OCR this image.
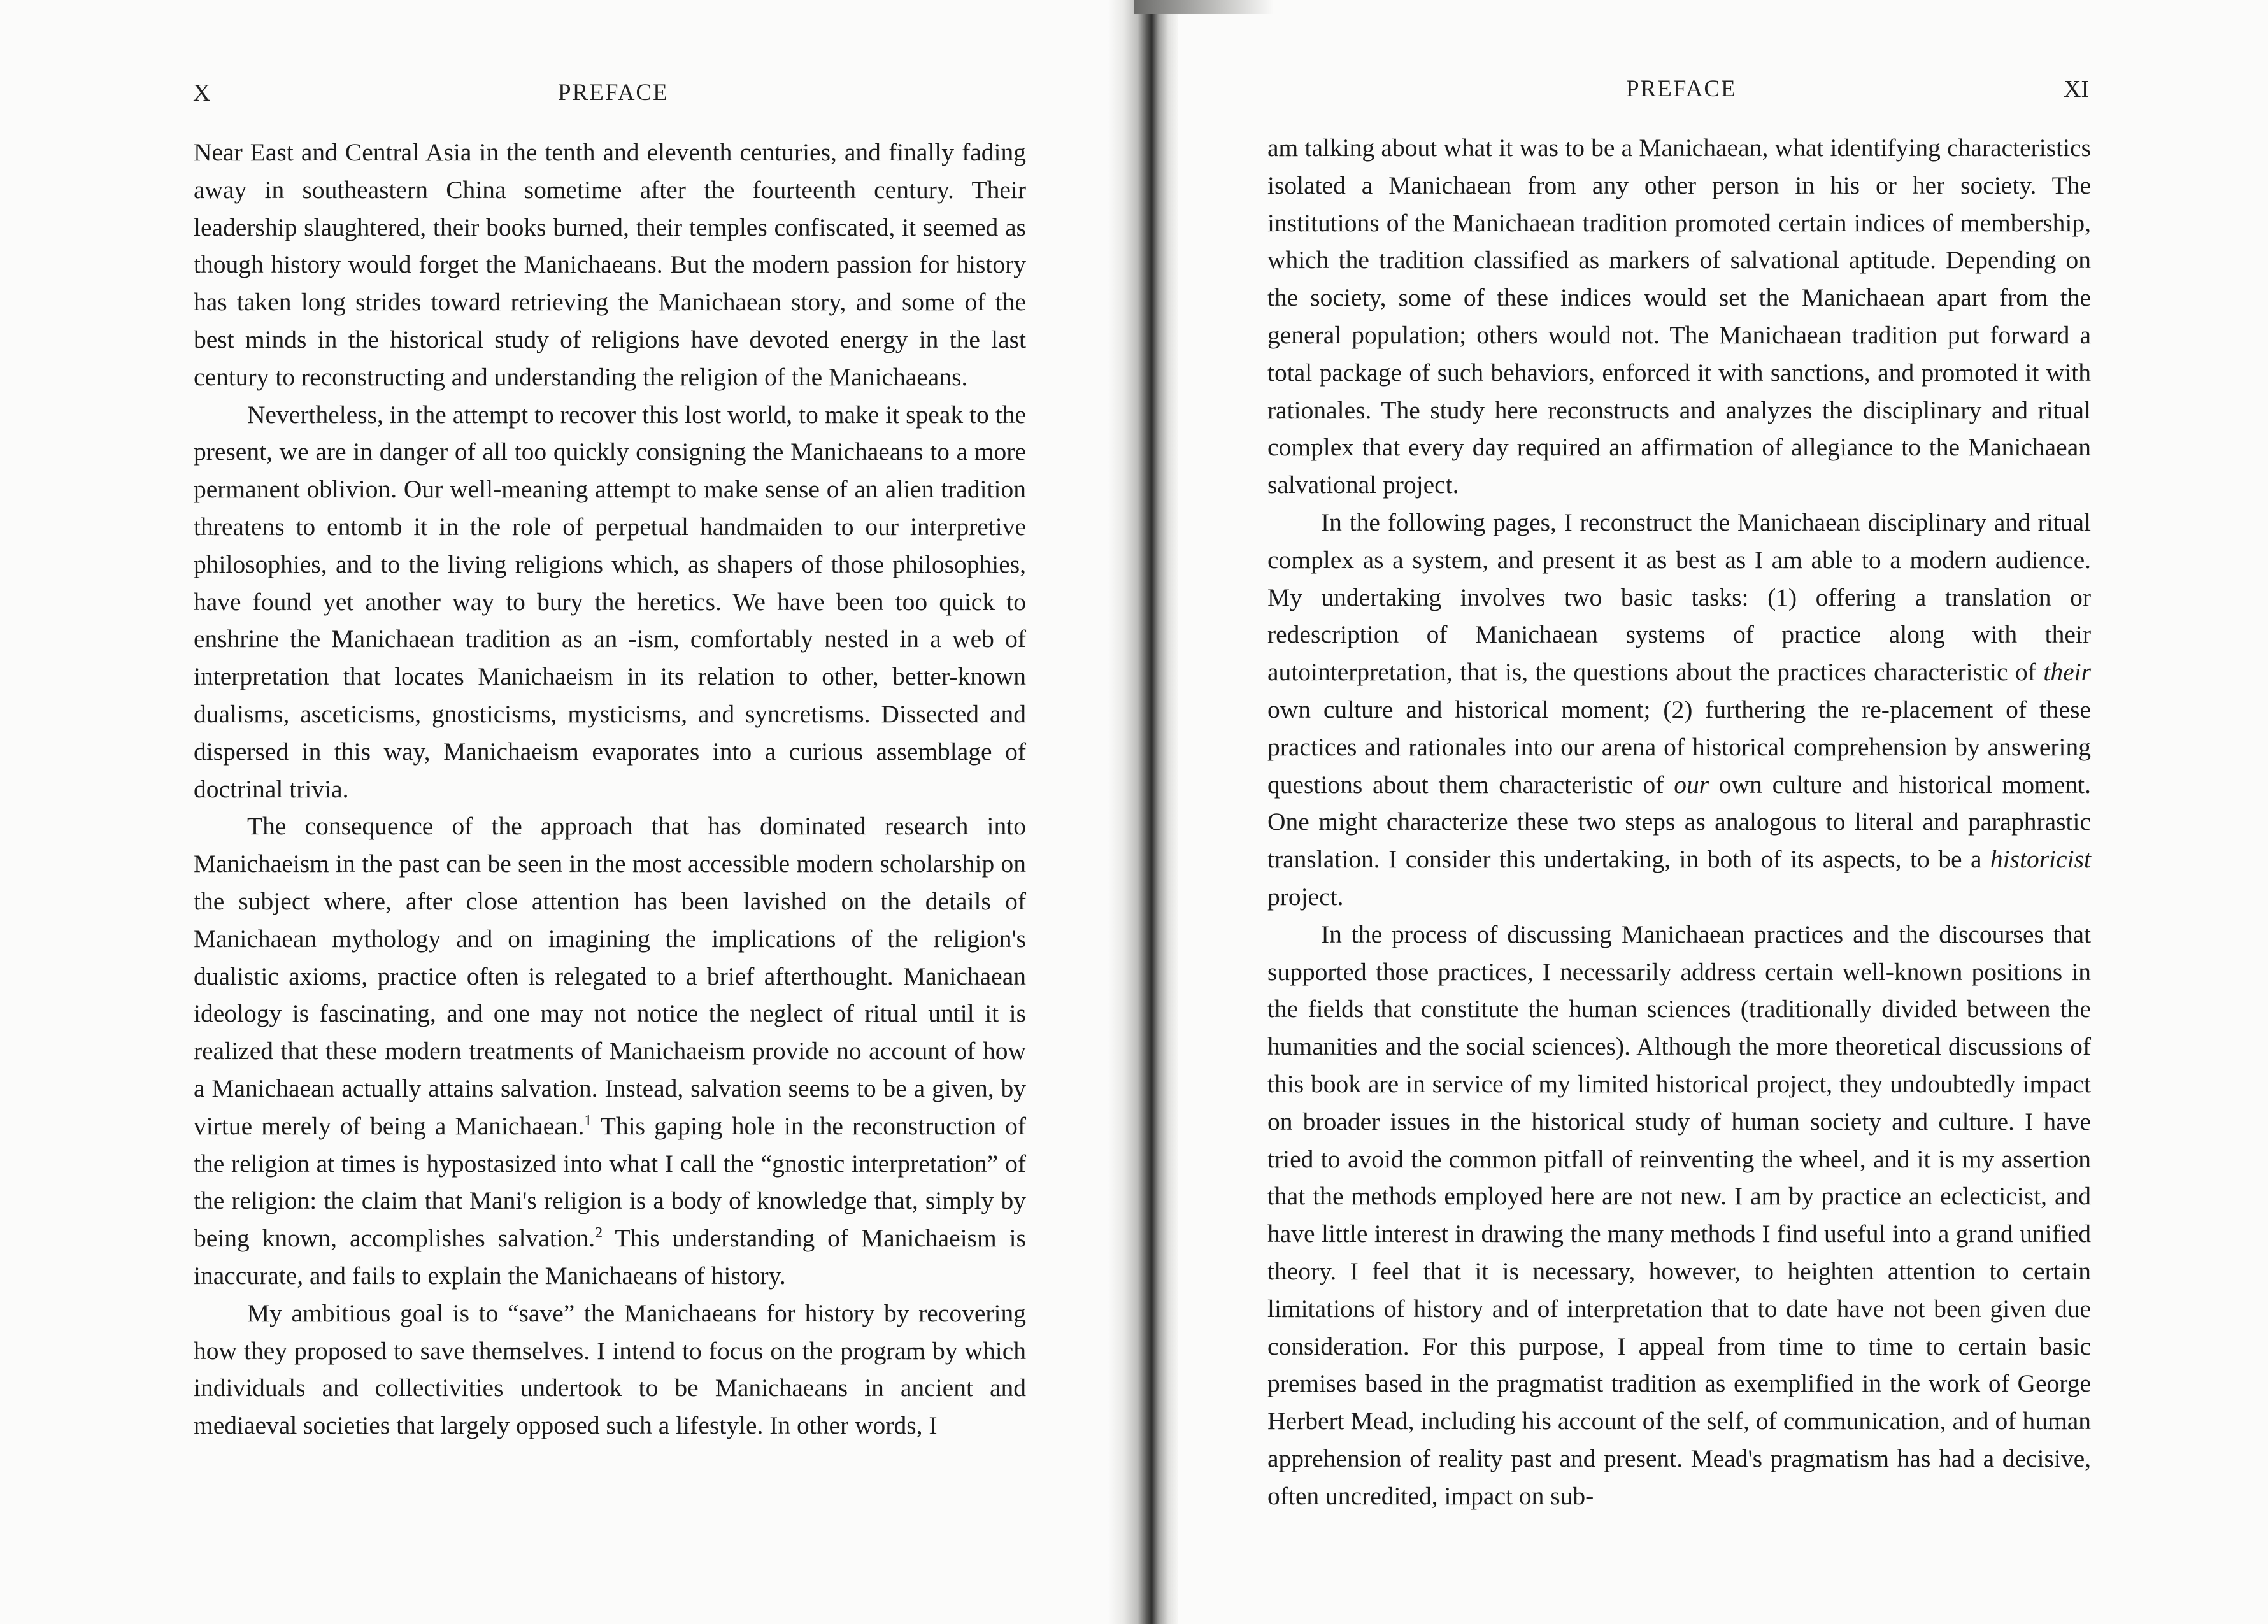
X	PREFACE

Near East and Central Asia in the tenth and eleventh centuries, and finally fading away in southeastern China sometime after the fourteenth century. Their leadership slaughtered, their books burned, their temples confiscated, it seemed as though history would forget the Manichaeans. But the modern passion for history has taken long strides toward retrieving the Manichaean story, and some of the best minds in the historical study of religions have devoted energy in the last century to reconstructing and understanding the religion of the Manichaeans.

Nevertheless, in the attempt to recover this lost world, to make it speak to the present, we are in danger of all too quickly consigning the Manichaeans to a more permanent oblivion. Our well-meaning attempt to make sense of an alien tradition threatens to entomb it in the role of perpetual handmaiden to our interpretive philosophies, and to the living religions which, as shapers of those philosophies, have found yet another way to bury the heretics. We have been too quick to enshrine the Manichaean tradition as an -ism, comfortably nested in a web of interpretation that locates Manichaeism in its relation to other, better-known dualisms, asceticisms, gnosticisms, mysticisms, and syncretisms. Dissected and dispersed in this way, Manichaeism evaporates into a curious assemblage of doctrinal trivia.

The consequence of the approach that has dominated research into Manichaeism in the past can be seen in the most accessible modern scholarship on the subject where, after close attention has been lavished on the details of Manichaean mythology and on imagining the implications of the religion's dualistic axioms, practice often is relegated to a brief afterthought. Manichaean ideology is fascinating, and one may not notice the neglect of ritual until it is realized that these modern treatments of Manichaeism provide no account of how a Manichaean actually attains salvation. Instead, salvation seems to be a given, by virtue merely of being a Manichaean.$^1$ This gaping hole in the reconstruction of the religion at times is hypostasized into what I call the “gnostic interpretation” of the religion: the claim that Mani's religion is a body of knowledge that, simply by being known, accomplishes salvation.$^2$ This understanding of Manichaeism is inaccurate, and fails to explain the Manichaeans of history.

My ambitious goal is to “save” the Manichaeans for history by recovering how they proposed to save themselves. I intend to focus on the program by which individuals and collectivities undertook to be Manichaeans in ancient and mediaeval societies that largely opposed such a lifestyle. In other words, I

PREFACE	XI

am talking about what it was to be a Manichaean, what identifying characteristics isolated a Manichaean from any other person in his or her society. The institutions of the Manichaean tradition promoted certain indices of membership, which the tradition classified as markers of salvational aptitude. Depending on the society, some of these indices would set the Manichaean apart from the general population; others would not. The Manichaean tradition put forward a total package of such behaviors, enforced it with sanctions, and promoted it with rationales. The study here reconstructs and analyzes the disciplinary and ritual complex that every day required an affirmation of allegiance to the Manichaean salvational project.

In the following pages, I reconstruct the Manichaean disciplinary and ritual complex as a system, and present it as best as I am able to a modern audience. My undertaking involves two basic tasks: (1) offering a translation or redescription of Manichaean systems of practice along with their autointerpretation, that is, the questions about the practices characteristic of their own culture and historical moment; (2) furthering the re-placement of these practices and rationales into our arena of historical comprehension by answering questions about them characteristic of our own culture and historical moment. One might characterize these two steps as analogous to literal and paraphrastic translation. I consider this undertaking, in both of its aspects, to be a historicist project.

In the process of discussing Manichaean practices and the discourses that supported those practices, I necessarily address certain well-known positions in the fields that constitute the human sciences (traditionally divided between the humanities and the social sciences). Although the more theoretical discussions of this book are in service of my limited historical project, they undoubtedly impact on broader issues in the historical study of human society and culture. I have tried to avoid the common pitfall of reinventing the wheel, and it is my assertion that the methods employed here are not new. I am by practice an eclecticist, and have little interest in drawing the many methods I find useful into a grand unified theory. I feel that it is necessary, however, to heighten attention to certain limitations of history and of interpretation that to date have not been given due consideration. For this purpose, I appeal from time to time to certain basic premises based in the pragmatist tradition as exemplified in the work of George Herbert Mead, including his account of the self, of communication, and of human apprehension of reality past and present. Mead's pragmatism has had a decisive, often uncredited, impact on sub-
